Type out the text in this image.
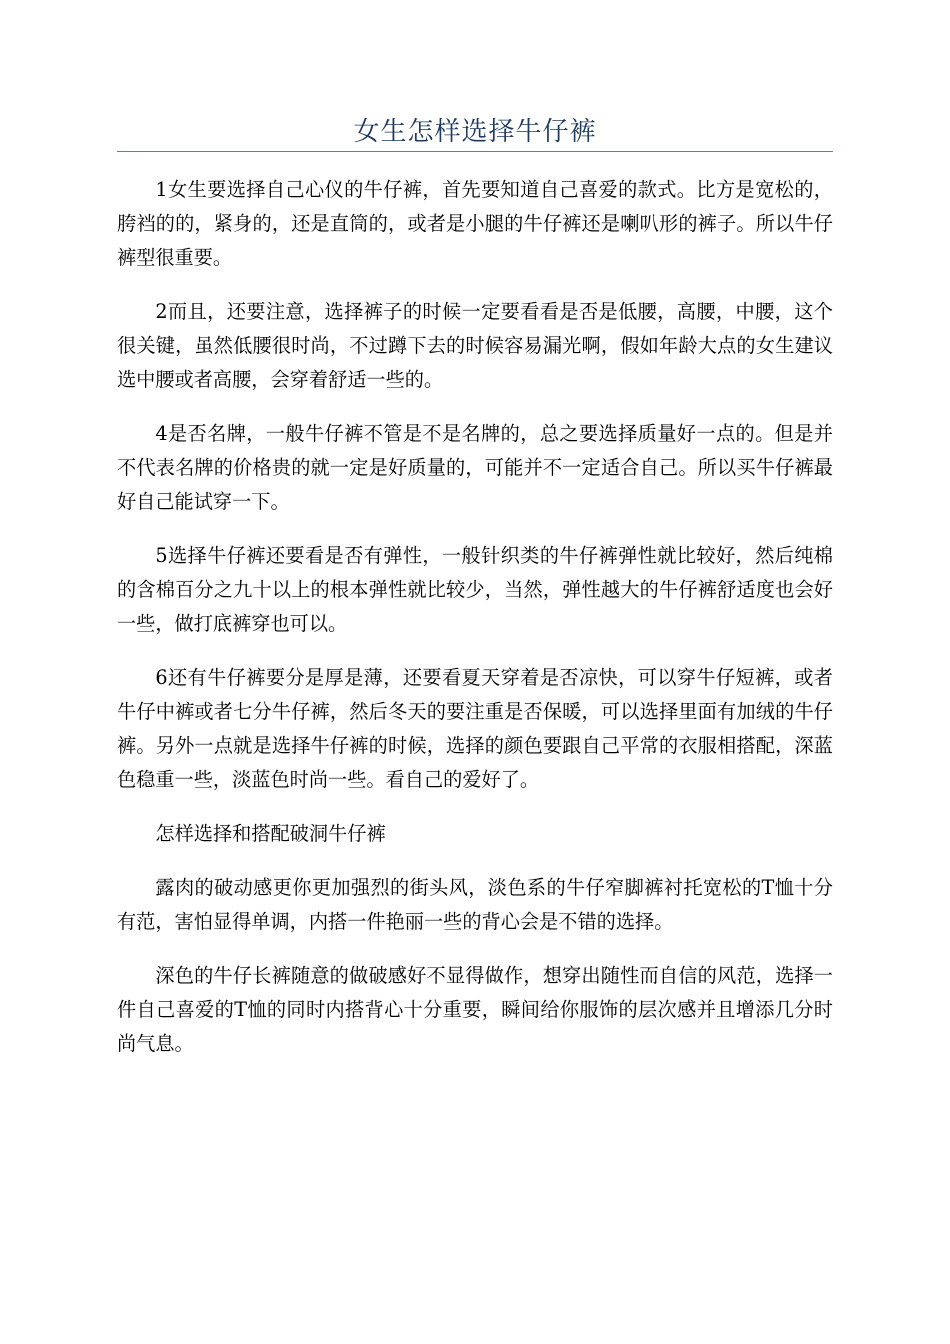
女生怎样选择牛仔裤

1女生要选择自己心仪的牛仔裤，首先要知道自己喜爱的款式。比方是宽松的，胯裆的的，紧身的，还是直筒的，或者是小腿的牛仔裤还是喇叭形的裤子。所以牛仔裤型很重要。

2而且，还要注意，选择裤子的时候一定要看看是否是低腰，高腰，中腰，这个很关键，虽然低腰很时尚，不过蹲下去的时候容易漏光啊，假如年龄大点的女生建议选中腰或者高腰，会穿着舒适一些的。

4是否名牌，一般牛仔裤不管是不是名牌的，总之要选择质量好一点的。但是并不代表名牌的价格贵的就一定是好质量的，可能并不一定适合自己。所以买牛仔裤最好自己能试穿一下。

5选择牛仔裤还要看是否有弹性，一般针织类的牛仔裤弹性就比较好，然后纯棉的含棉百分之九十以上的根本弹性就比较少，当然，弹性越大的牛仔裤舒适度也会好一些，做打底裤穿也可以。

6还有牛仔裤要分是厚是薄，还要看夏天穿着是否凉快，可以穿牛仔短裤，或者牛仔中裤或者七分牛仔裤，然后冬天的要注重是否保暖，可以选择里面有加绒的牛仔裤。另外一点就是选择牛仔裤的时候，选择的颜色要跟自己平常的衣服相搭配，深蓝色稳重一些，淡蓝色时尚一些。看自己的爱好了。

怎样选择和搭配破洞牛仔裤

露肉的破动感更你更加强烈的街头风，淡色系的牛仔窄脚裤衬托宽松的T恤十分有范，害怕显得单调，内搭一件艳丽一些的背心会是不错的选择。

深色的牛仔长裤随意的做破感好不显得做作，想穿出随性而自信的风范，选择一件自己喜爱的T恤的同时内搭背心十分重要，瞬间给你服饰的层次感并且增添几分时尚气息。
